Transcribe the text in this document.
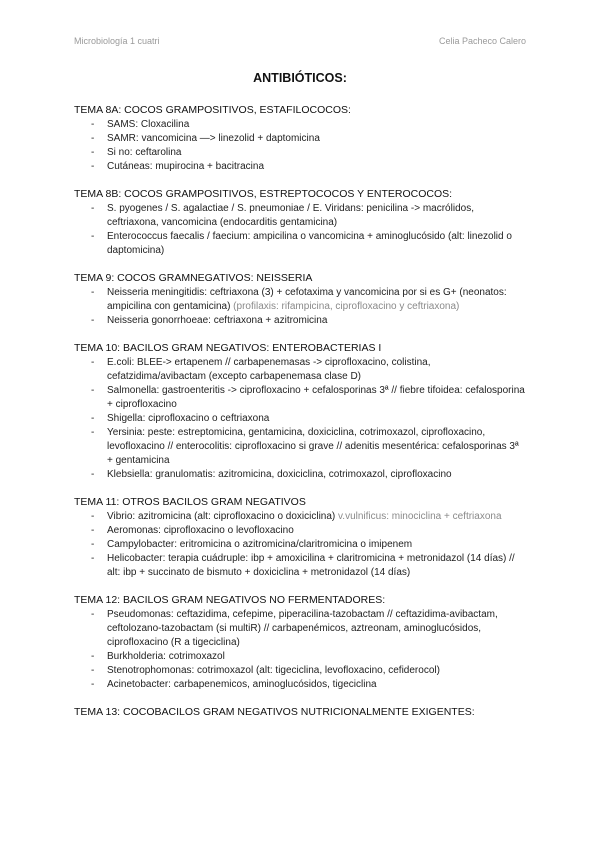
Microbiología 1 cuatri	Celia Pacheco Calero
ANTIBIÓTICOS:
TEMA 8A: COCOS GRAMPOSITIVOS, ESTAFILOCOCOS:
- SAMS: Cloxacilina
- SAMR: vancomicina —> linezolid + daptomicina
- Si no: ceftarolina
- Cutáneas: mupirocina + bacitracina
TEMA 8B: COCOS GRAMPOSITIVOS, ESTREPTOCOCOS Y ENTEROCOCOS:
- S. pyogenes / S. agalactiae / S. pneumoniae / E. Viridans: penicilina -> macrólidos, ceftriaxona, vancomicina (endocarditis gentamicina)
- Enterococcus faecalis / faecium: ampicilina o vancomicina + aminoglucósido (alt: linezolid o daptomicina)
TEMA 9: COCOS GRAMNEGATIVOS: NEISSERIA
- Neisseria meningitidis: ceftriaxona (3) + cefotaxima y vancomicina por si es G+ (neonatos: ampicilina con gentamicina) (profilaxis: rifampicina, ciprofloxacino y ceftriaxona)
- Neisseria gonorrhoeae: ceftriaxona + azitromicina
TEMA 10: BACILOS GRAM NEGATIVOS: ENTEROBACTERIAS I
- E.coli: BLEE-> ertapenem // carbapenemasas -> ciprofloxacino, colistina, cefatzidima/avibactam (excepto carbapenemasa clase D)
- Salmonella: gastroenteritis -> ciprofloxacino + cefalosporinas 3ª // fiebre tifoidea: cefalosporina + ciprofloxacino
- Shigella: ciprofloxacino o ceftriaxona
- Yersinia: peste: estreptomicina, gentamicina, doxiciclina, cotrimoxazol, ciprofloxacino, levofloxacino // enterocolitis: ciprofloxacino si grave // adenitis mesentérica: cefalosporinas 3ª + gentamicina
- Klebsiella: granulomatis: azitromicina, doxiciclina, cotrimoxazol, ciprofloxacino
TEMA 11: OTROS BACILOS GRAM NEGATIVOS
- Vibrio: azitromicina (alt: ciprofloxacino o doxiciclina) v.vulnificus: minociclina + ceftriaxona
- Aeromonas: ciprofloxacino o levofloxacino
- Campylobacter: eritromicina o azitromicina/claritromicina o imipenem
- Helicobacter: terapia cuádruple: ibp + amoxicilina + claritromicina + metronidazol (14 días) // alt: ibp + succinato de bismuto + doxiciclina + metronidazol (14 días)
TEMA 12: BACILOS GRAM NEGATIVOS NO FERMENTADORES:
- Pseudomonas: ceftazidima, cefepime, piperacilina-tazobactam // ceftazidima-avibactam, ceftolozano-tazobactam (si multiR) // carbapenémicos, aztreonam, aminoglucósidos, ciprofloxacino (R a tigeciclina)
- Burkholderia: cotrimoxazol
- Stenotrophomonas: cotrimoxazol (alt: tigeciclina, levofloxacino, cefiderocol)
- Acinetobacter: carbapenemicos, aminoglucósidos, tigeciclina
TEMA 13: COCOBACILOS GRAM NEGATIVOS NUTRICIONALMENTE EXIGENTES:
